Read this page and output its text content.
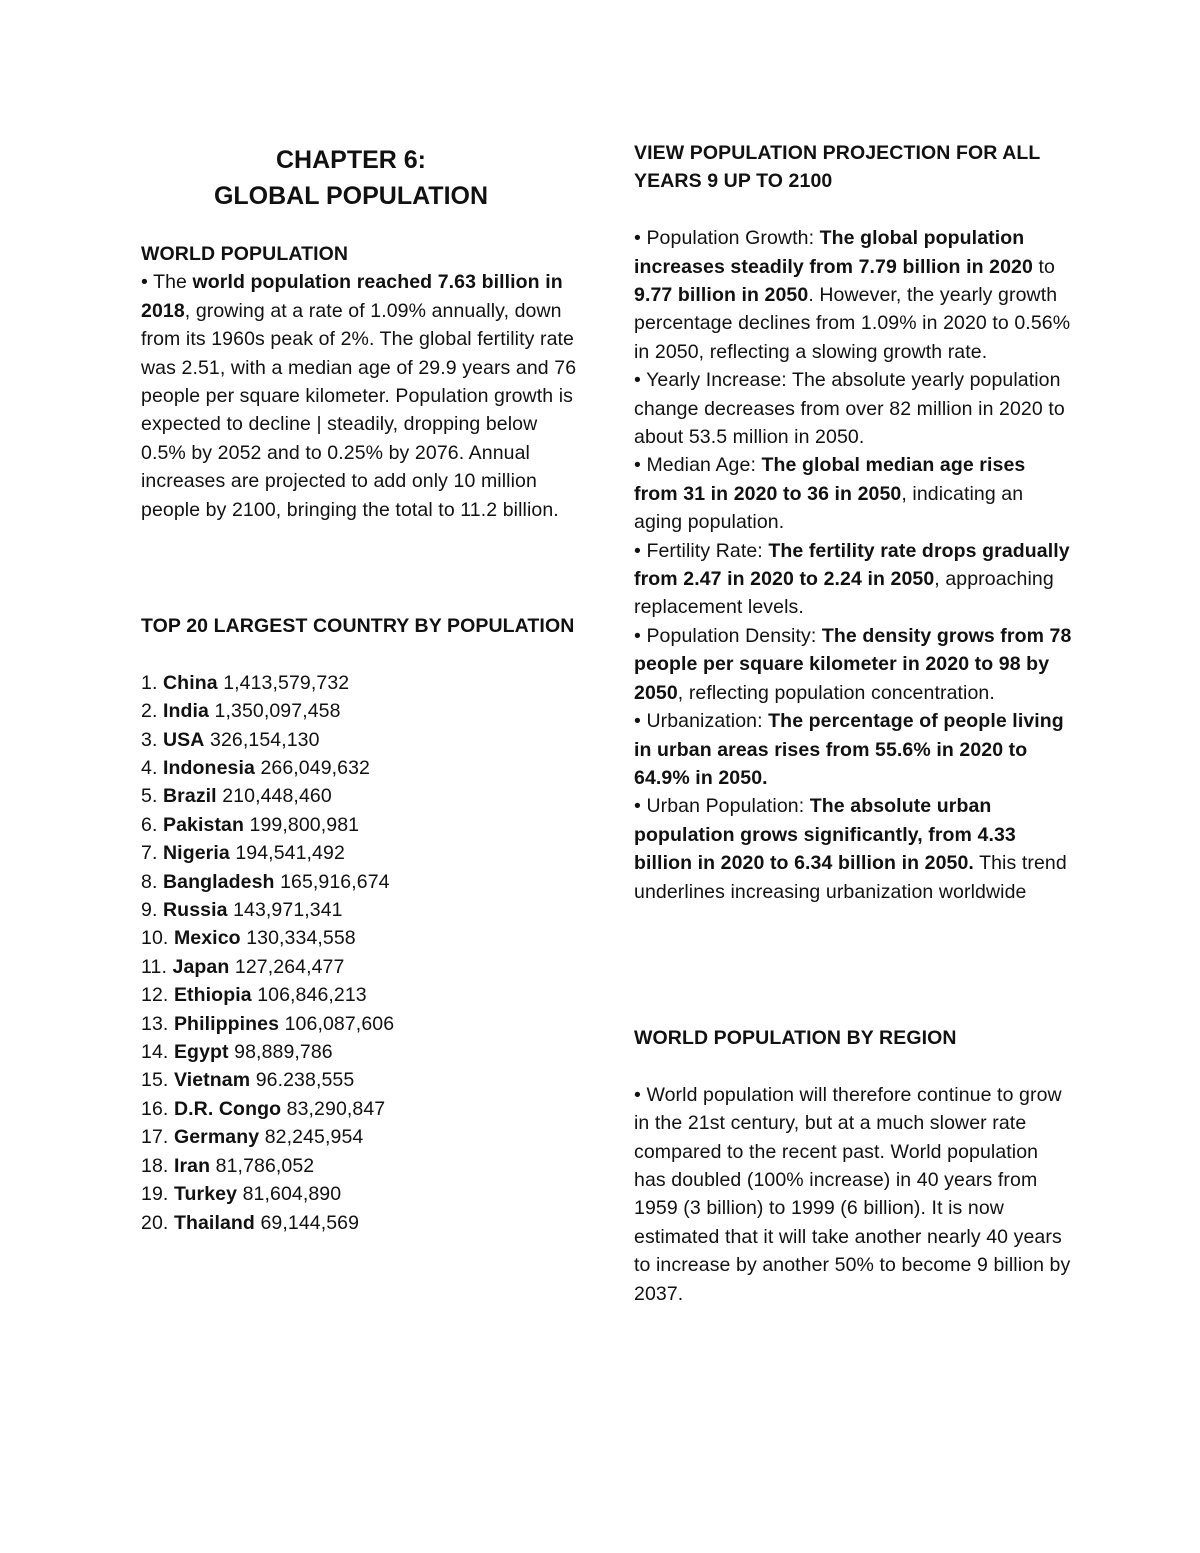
CHAPTER 6:
GLOBAL POPULATION
WORLD POPULATION

• The world population reached 7.63 billion in 2018, growing at a rate of 1.09% annually, down from its 1960s peak of 2%. The global fertility rate was 2.51, with a median age of 29.9 years and 76 people per square kilometer. Population growth is expected to decline | steadily, dropping below 0.5% by 2052 and to 0.25% by 2076. Annual increases are projected to add only 10 million people by 2100, bringing the total to 11.2 billion.

TOP 20 LARGEST COUNTRY BY POPULATION
1. China 1,413,579,732
2. India 1,350,097,458
3. USA 326,154,130
4. Indonesia 266,049,632
5. Brazil 210,448,460
6. Pakistan 199,800,981
7. Nigeria 194,541,492
8. Bangladesh 165,916,674
9. Russia 143,971,341
10. Mexico 130,334,558
11. Japan 127,264,477
12. Ethiopia 106,846,213
13. Philippines 106,087,606
14. Egypt 98,889,786
15. Vietnam 96.238,555
16. D.R. Congo 83,290,847
17. Germany 82,245,954
18. Iran 81,786,052
19. Turkey 81,604,890
20. Thailand 69,144,569
VIEW POPULATION PROJECTION FOR ALL YEARS 9 UP TO 2100

• Population Growth: The global population increases steadily from 7.79 billion in 2020 to 9.77 billion in 2050. However, the yearly growth percentage declines from 1.09% in 2020 to 0.56% in 2050, reflecting a slowing growth rate.

• Yearly Increase: The absolute yearly population change decreases from over 82 million in 2020 to about 53.5 million in 2050.

• Median Age: The global median age rises from 31 in 2020 to 36 in 2050, indicating an aging population.

• Fertility Rate: The fertility rate drops gradually from 2.47 in 2020 to 2.24 in 2050, approaching replacement levels.

• Population Density: The density grows from 78 people per square kilometer in 2020 to 98 by 2050, reflecting population concentration.

• Urbanization: The percentage of people living in urban areas rises from 55.6% in 2020 to 64.9% in 2050.

• Urban Population: The absolute urban population grows significantly, from 4.33 billion in 2020 to 6.34 billion in 2050. This trend underlines increasing urbanization worldwide

WORLD POPULATION BY REGION

• World population will therefore continue to grow in the 21st century, but at a much slower rate compared to the recent past. World population has doubled (100% increase) in 40 years from 1959 (3 billion) to 1999 (6 billion). It is now estimated that it will take another nearly 40 years to increase by another 50% to become 9 billion by 2037.
